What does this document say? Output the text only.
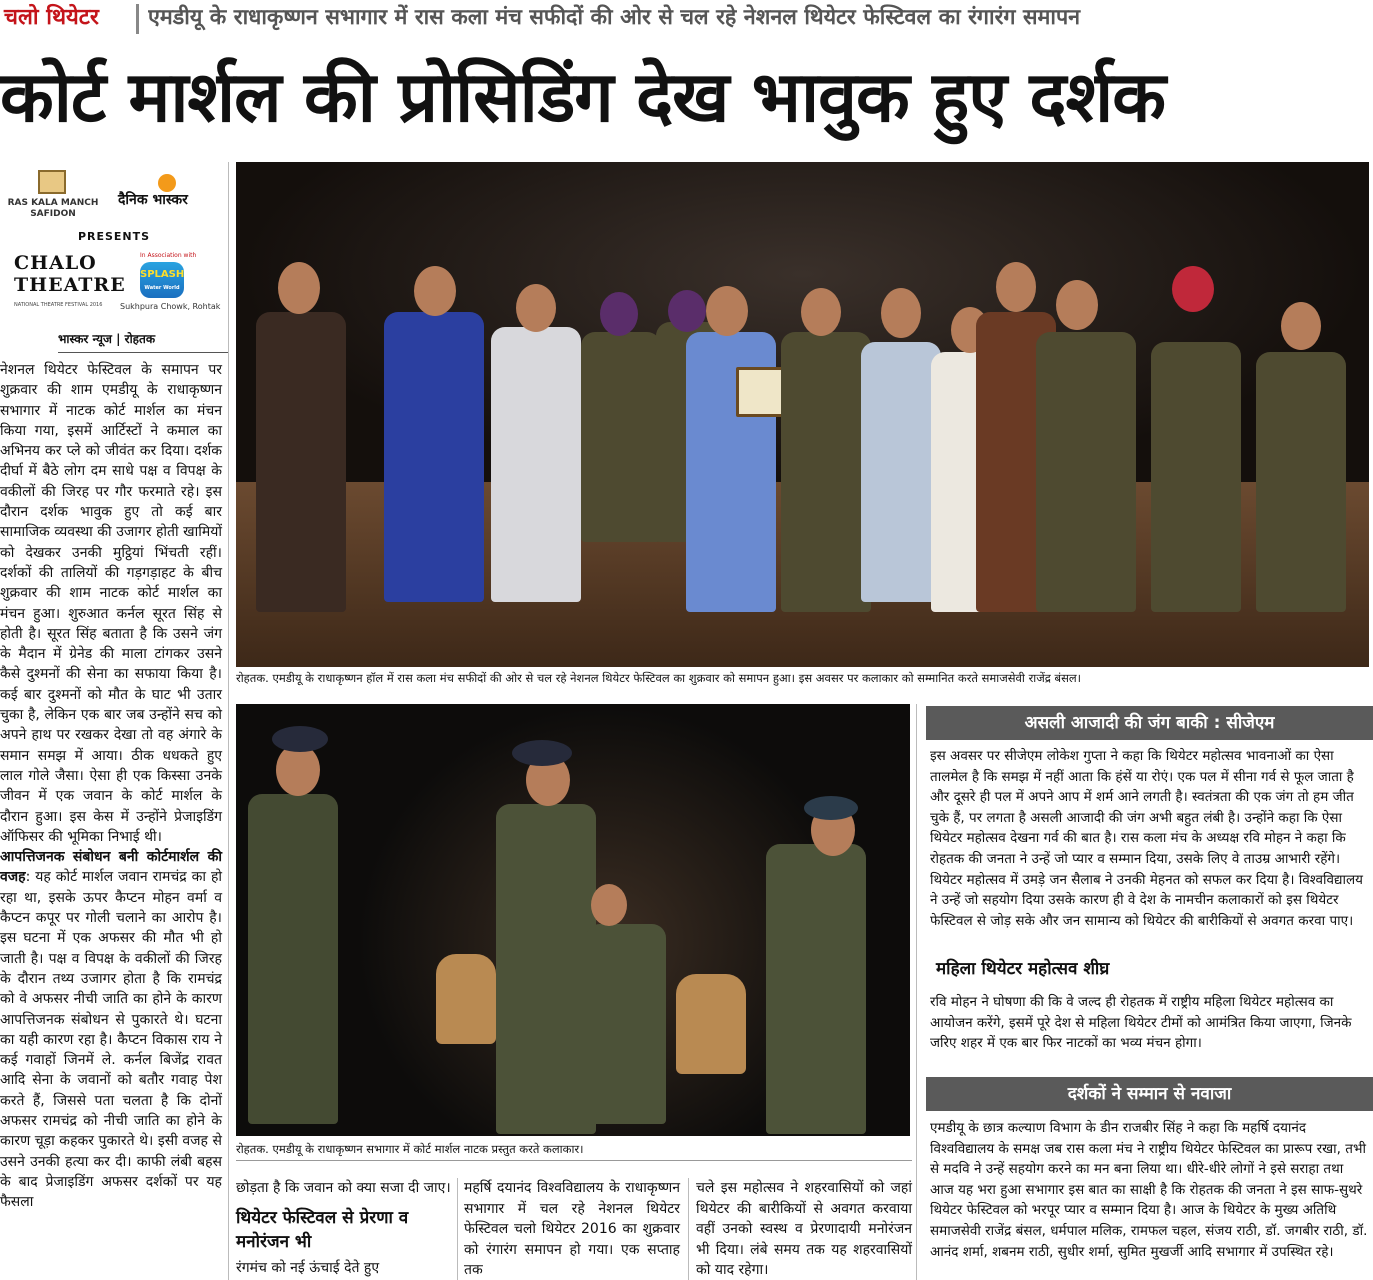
चलो थियेटर एमडीयू के राधाकृष्णन सभागार में रास कला मंच सफीदों की ओर से चल रहे नेशनल थियेटर फेस्टिवल का रंगारंग समापन
कोर्ट मार्शल की प्रोसिडिंग देख भावुक हुए दर्शक
RAS KALA MANCH
SAFIDON
दैनिक भास्कर
PRESENTS
CHALO
THEATRE
NATIONAL THEATRE FESTIVAL 2016
In Association with
SPLASH
Water World
Sukhpura Chowk, Rohtak
भास्कर न्यूज | रोहतक

नेशनल थियेटर फेस्टिवल के समापन पर शुक्रवार की शाम एमडीयू के राधाकृष्णन सभागार में नाटक कोर्ट मार्शल का मंचन किया गया, इसमें आर्टिस्टों ने कमाल का अभिनय कर प्ले को जीवंत कर दिया। दर्शक दीर्घा में बैठे लोग दम साधे पक्ष व विपक्ष के वकीलों की जिरह पर गौर फरमाते रहे। इस दौरान दर्शक भावुक हुए तो कई बार सामाजिक व्यवस्था की उजागर होती खामियों को देखकर उनकी मुट्ठियां भिंचती रहीं। दर्शकों की तालियों की गड़गड़ाहट के बीच शुक्रवार की शाम नाटक कोर्ट मार्शल का मंचन हुआ। शुरुआत कर्नल सूरत सिंह से होती है। सूरत सिंह बताता है कि उसने जंग के मैदान में ग्रेनेड की माला टांगकर उसने कैसे दुश्मनों की सेना का सफाया किया है। कई बार दुश्मनों को मौत के घाट भी उतार चुका है, लेकिन एक बार जब उन्होंने सच को अपने हाथ पर रखकर देखा तो वह अंगारे के समान समझ में आया। ठीक धधकते हुए लाल गोले जैसा। ऐसा ही एक किस्सा उनके जीवन में एक जवान के कोर्ट मार्शल के दौरान हुआ। इस केस में उन्होंने प्रेजाइडिंग ऑफिसर की भूमिका निभाई थी।

आपत्तिजनक संबोधन बनी कोर्टमार्शल की वजह: यह कोर्ट मार्शल जवान रामचंद्र का हो रहा था, इसके ऊपर कैप्टन मोहन वर्मा व कैप्टन कपूर पर गोली चलाने का आरोप है। इस घटना में एक अफसर की मौत भी हो जाती है। पक्ष व विपक्ष के वकीलों की जिरह के दौरान तथ्य उजागर होता है कि रामचंद्र को वे अफसर नीची जाति का होने के कारण आपत्तिजनक संबोधन से पुकारते थे। घटना का यही कारण रहा है। कैप्टन विकास राय ने कई गवाहों जिनमें ले. कर्नल बिजेंद्र रावत आदि सेना के जवानों को बतौर गवाह पेश करते हैं, जिससे पता चलता है कि दोनों अफसर रामचंद्र को नीची जाति का होने के कारण चूड़ा कहकर पुकारते थे। इसी वजह से उसने उनकी हत्या कर दी। काफी लंबी बहस के बाद प्रेजाइडिंग अफसर दर्शकों पर यह फैसला

रोहतक. एमडीयू के राधाकृष्णन हॉल में रास कला मंच सफीदों की ओर से चल रहे नेशनल थियेटर फेस्टिवल का शुक्रवार को समापन हुआ। इस अवसर पर कलाकार को सम्मानित करते समाजसेवी राजेंद्र बंसल।
रोहतक. एमडीयू के राधाकृष्णन सभागार में कोर्ट मार्शल नाटक प्रस्तुत करते कलाकार।
असली आजादी की जंग बाकी : सीजेएम
इस अवसर पर सीजेएम लोकेश गुप्ता ने कहा कि थियेटर महोत्सव भावनाओं का ऐसा तालमेल है कि समझ में नहीं आता कि हंसें या रोएं। एक पल में सीना गर्व से फूल जाता है और दूसरे ही पल में अपने आप में शर्म आने लगती है। स्वतंत्रता की एक जंग तो हम जीत चुके हैं, पर लगता है असली आजादी की जंग अभी बहुत लंबी है। उन्होंने कहा कि ऐसा थियेटर महोत्सव देखना गर्व की बात है। रास कला मंच के अध्यक्ष रवि मोहन ने कहा कि रोहतक की जनता ने उन्हें जो प्यार व सम्मान दिया, उसके लिए वे ताउम्र आभारी रहेंगे। थियेटर महोत्सव में उमड़े जन सैलाब ने उनकी मेहनत को सफल कर दिया है। विश्वविद्यालय ने उन्हें जो सहयोग दिया उसके कारण ही वे देश के नामचीन कलाकारों को इस थियेटर फेस्टिवल से जोड़ सके और जन सामान्य को थियेटर की बारीकियों से अवगत करवा पाए।
महिला थियेटर महोत्सव शीघ्र
रवि मोहन ने घोषणा की कि वे जल्द ही रोहतक में राष्ट्रीय महिला थियेटर महोत्सव का आयोजन करेंगे, इसमें पूरे देश से महिला थियेटर टीमों को आमंत्रित किया जाएगा, जिनके जरिए शहर में एक बार फिर नाटकों का भव्य मंचन होगा।
दर्शकों ने सम्मान से नवाजा
एमडीयू के छात्र कल्याण विभाग के डीन राजबीर सिंह ने कहा कि महर्षि दयानंद विश्वविद्यालय के समक्ष जब रास कला मंच ने राष्ट्रीय थियेटर फेस्टिवल का प्रारूप रखा, तभी से मदवि ने उन्हें सहयोग करने का मन बना लिया था। धीरे-धीरे लोगों ने इसे सराहा तथा आज यह भरा हुआ सभागार इस बात का साक्षी है कि रोहतक की जनता ने इस साफ-सुथरे थियेटर फेस्टिवल को भरपूर प्यार व सम्मान दिया है। आज के थियेटर के मुख्य अतिथि समाजसेवी राजेंद्र बंसल, धर्मपाल मलिक, रामफल चहल, संजय राठी, डॉ. जगबीर राठी, डॉ. आनंद शर्मा, शबनम राठी, सुधीर शर्मा, सुमित मुखर्जी आदि सभागार में उपस्थित रहे।
छोड़ता है कि जवान को क्या सजा दी जाए।
थियेटर फेस्टिवल से प्रेरणा व मनोरंजन भी
रंगमंच को नई ऊंचाई देते हुए
महर्षि दयानंद विश्वविद्यालय के राधाकृष्णन सभागार में चल रहे नेशनल थियेटर फेस्टिवल चलो थियेटर 2016 का शुक्रवार को रंगारंग समापन हो गया। एक सप्ताह तक
चले इस महोत्सव ने शहरवासियों को जहां थियेटर की बारीकियों से अवगत करवाया वहीं उनको स्वस्थ व प्रेरणादायी मनोरंजन भी दिया। लंबे समय तक यह शहरवासियों को याद रहेगा।
